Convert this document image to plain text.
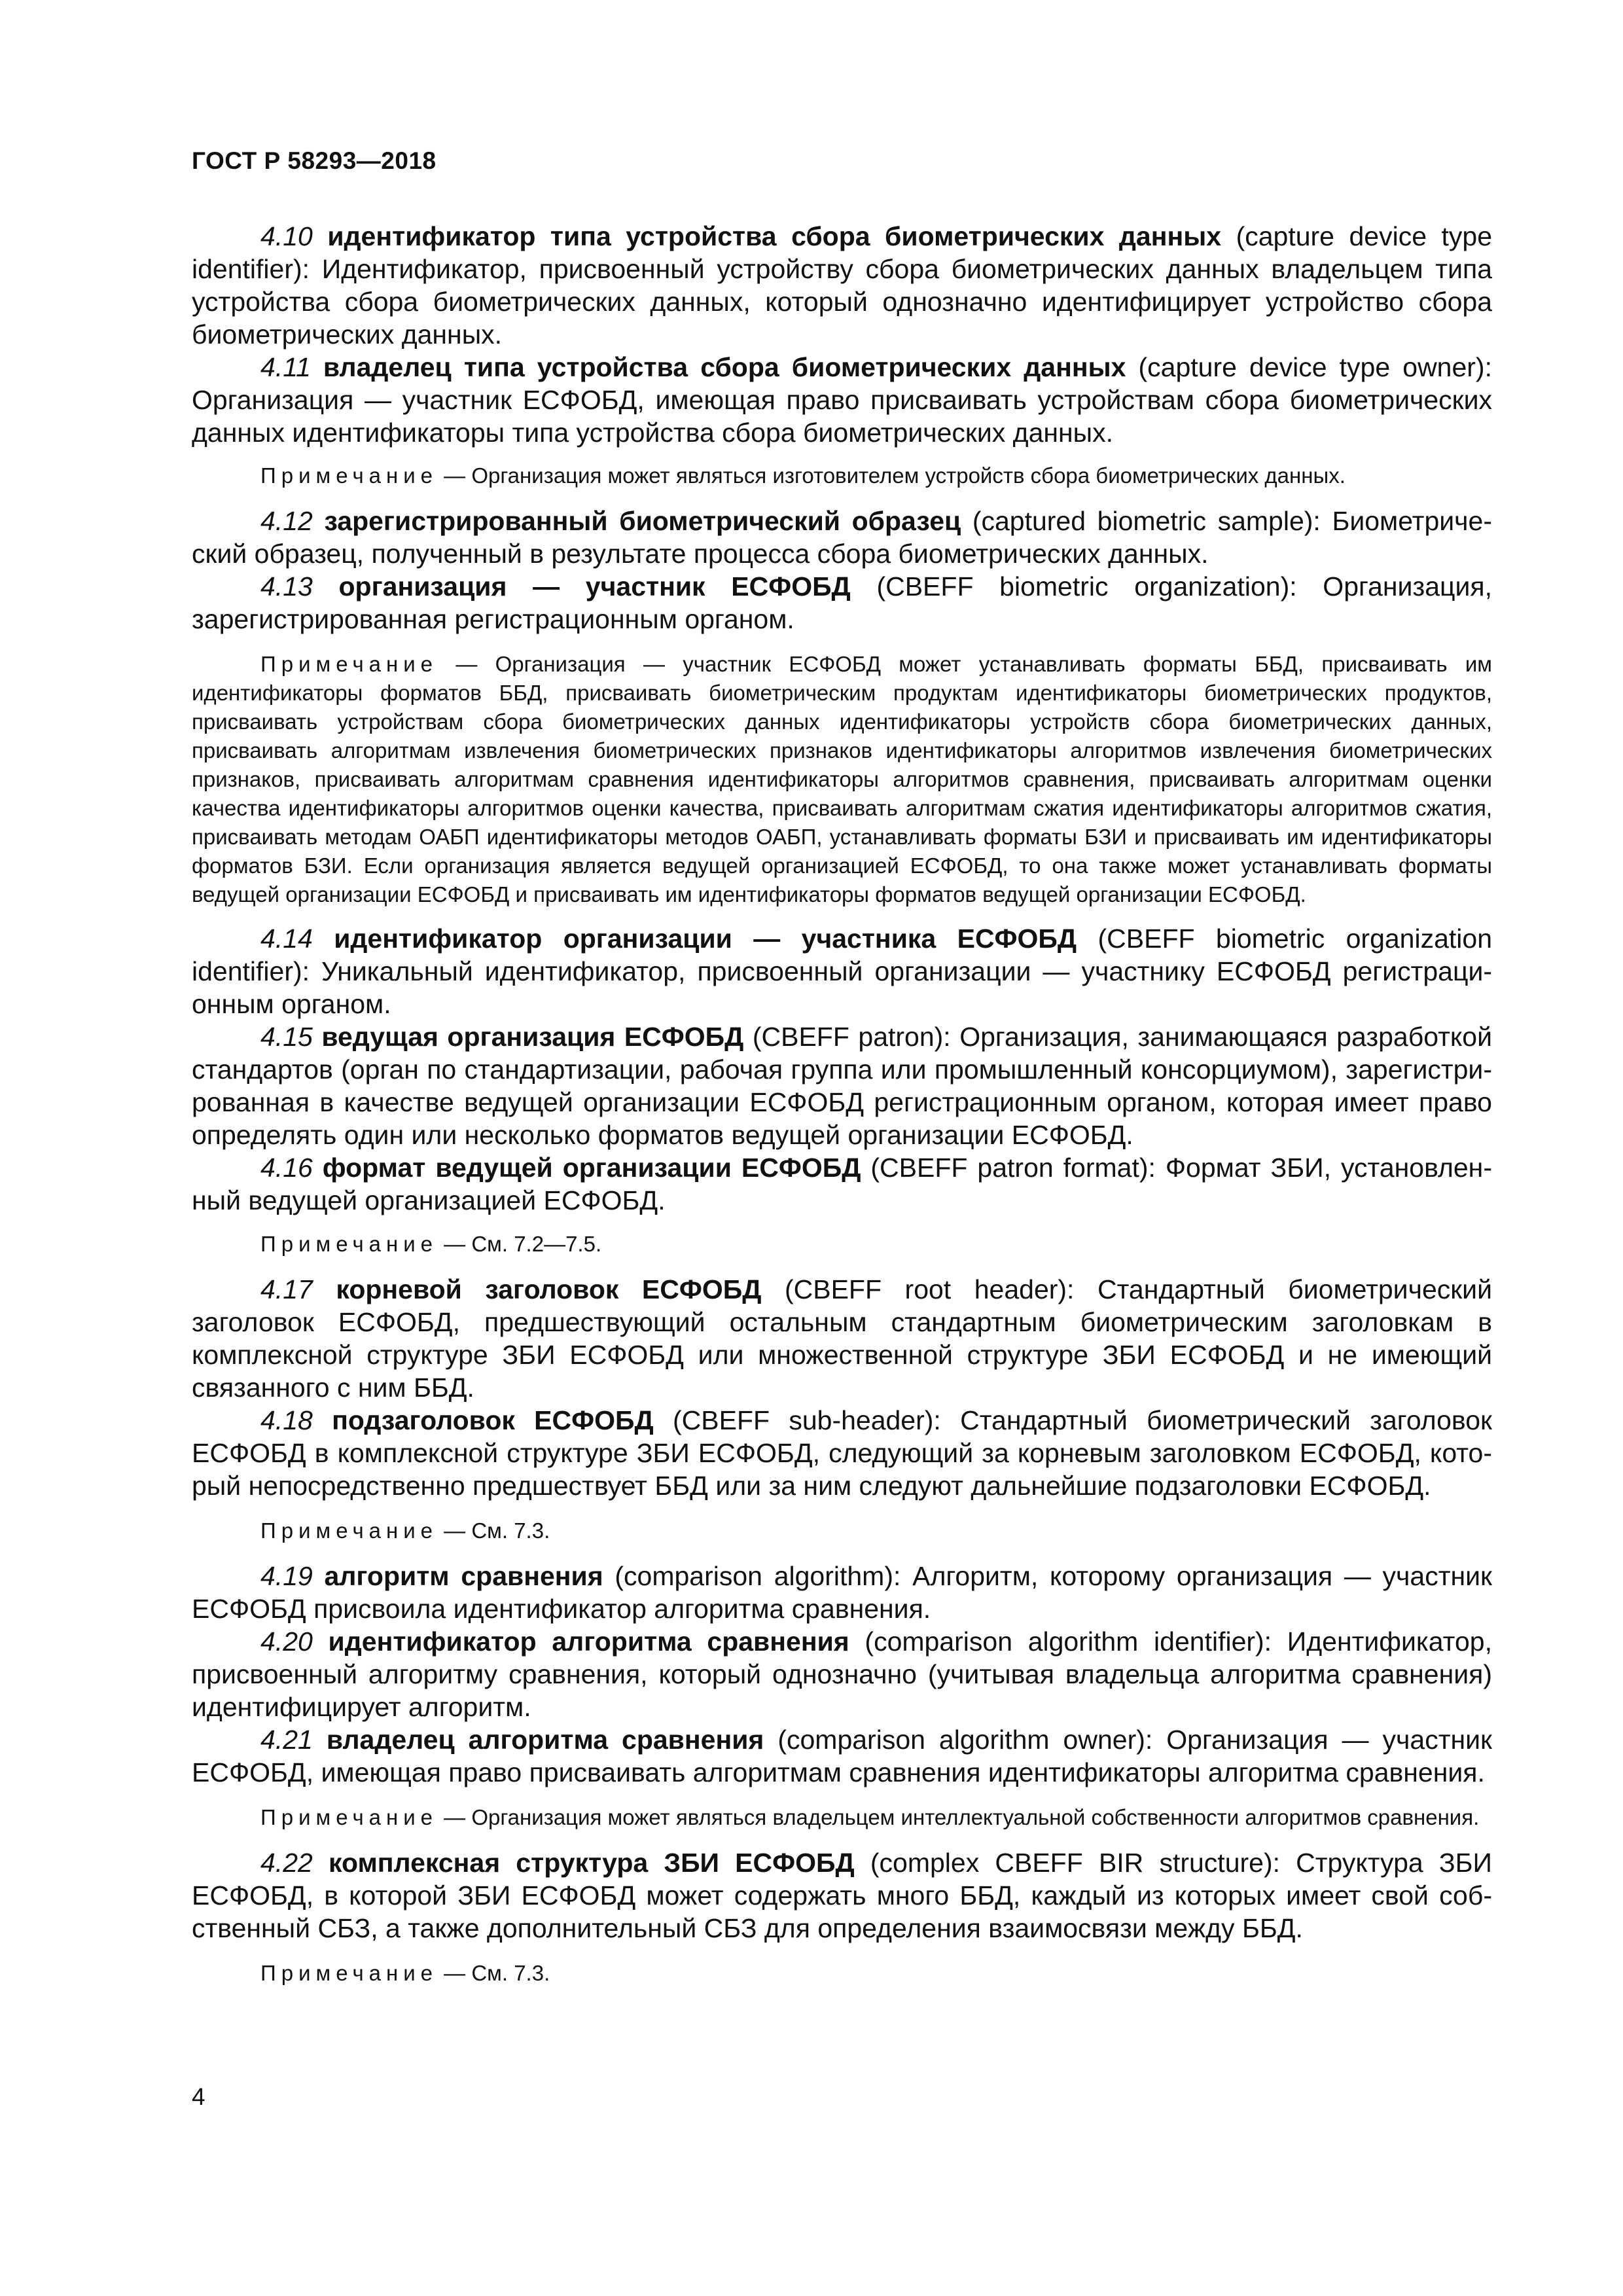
ГОСТ Р 58293—2018

4.10 идентификатор типа устройства сбора биометрических данных (capture device type identifier): Идентификатор, присвоенный устройству сбора биометрических данных владельцем типа устройства сбора биометрических данных, который однозначно идентифицирует устройство сбора биометрических данных.

4.11 владелец типа устройства сбора биометрических данных (capture device type owner): Организация — участник ЕСФОБД, имеющая право присваивать устройствам сбора биометрических данных идентификаторы типа устройства сбора биометрических данных.

Примечание — Организация может являться изготовителем устройств сбора биометрических данных.

4.12 зарегистрированный биометрический образец (captured biometric sample): Биометрический образец, полученный в результате процесса сбора биометрических данных.

4.13 организация — участник ЕСФОБД (CBEFF biometric organization): Организация, зарегистрированная регистрационным органом.

Примечание — Организация — участник ЕСФОБД может устанавливать форматы ББД, присваивать им идентификаторы форматов ББД, присваивать биометрическим продуктам идентификаторы биометрических продуктов, присваивать устройствам сбора биометрических данных идентификаторы устройств сбора биометрических данных, присваивать алгоритмам извлечения биометрических признаков идентификаторы алгоритмов извлечения биометрических признаков, присваивать алгоритмам сравнения идентификаторы алгоритмов сравнения, присваивать алгоритмам оценки качества идентификаторы алгоритмов оценки качества, присваивать алгоритмам сжатия идентификаторы алгоритмов сжатия, присваивать методам ОАБП идентификаторы методов ОАБП, устанавливать форматы БЗИ и присваивать им идентификаторы форматов БЗИ. Если организация является ведущей организацией ЕСФОБД, то она также может устанавливать форматы ведущей организации ЕСФОБД и присваивать им идентификаторы форматов ведущей организации ЕСФОБД.

4.14 идентификатор организации — участника ЕСФОБД (CBEFF biometric organization identifier): Уникальный идентификатор, присвоенный организации — участнику ЕСФОБД регистрационным органом.

4.15 ведущая организация ЕСФОБД (CBEFF patron): Организация, занимающаяся разработкой стандартов (орган по стандартизации, рабочая группа или промышленный консорциумом), зарегистрированная в качестве ведущей организации ЕСФОБД регистрационным органом, которая имеет право определять один или несколько форматов ведущей организации ЕСФОБД.

4.16 формат ведущей организации ЕСФОБД (CBEFF patron format): Формат ЗБИ, установленный ведущей организацией ЕСФОБД.

Примечание — См. 7.2—7.5.

4.17 корневой заголовок ЕСФОБД (CBEFF root header): Стандартный биометрический заголовок ЕСФОБД, предшествующий остальным стандартным биометрическим заголовкам в комплексной структуре ЗБИ ЕСФОБД или множественной структуре ЗБИ ЕСФОБД и не имеющий связанного с ним ББД.

4.18 подзаголовок ЕСФОБД (CBEFF sub-header): Стандартный биометрический заголовок ЕСФОБД в комплексной структуре ЗБИ ЕСФОБД, следующий за корневым заголовком ЕСФОБД, который непосредственно предшествует ББД или за ним следуют дальнейшие подзаголовки ЕСФОБД.

Примечание — См. 7.3.

4.19 алгоритм сравнения (comparison algorithm): Алгоритм, которому организация — участник ЕСФОБД присвоила идентификатор алгоритма сравнения.

4.20 идентификатор алгоритма сравнения (comparison algorithm identifier): Идентификатор, присвоенный алгоритму сравнения, который однозначно (учитывая владельца алгоритма сравнения) идентифицирует алгоритм.

4.21 владелец алгоритма сравнения (comparison algorithm owner): Организация — участник ЕСФОБД, имеющая право присваивать алгоритмам сравнения идентификаторы алгоритма сравнения.

Примечание — Организация может являться владельцем интеллектуальной собственности алгоритмов сравнения.

4.22 комплексная структура ЗБИ ЕСФОБД (complex CBEFF BIR structure): Структура ЗБИ ЕСФОБД, в которой ЗБИ ЕСФОБД может содержать много ББД, каждый из которых имеет свой собственный СБЗ, а также дополнительный СБЗ для определения взаимосвязи между ББД.

Примечание — См. 7.3.

4
